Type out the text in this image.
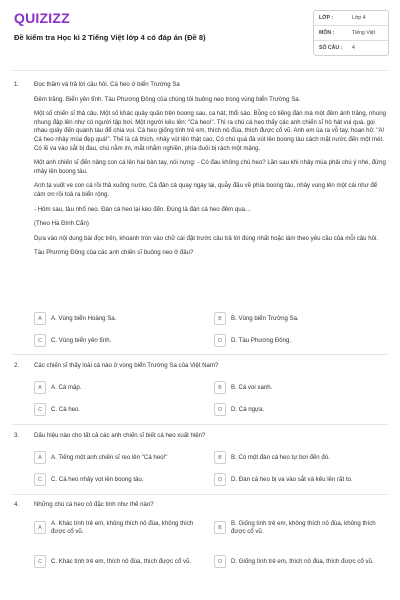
QUIZIZZ
Đề kiểm tra Học kì 2 Tiếng Việt lớp 4 có đáp án (Đề 8)
LỚP :	Lớp 4
MÔN :	Tiếng Việt
SỐ CÂU :	4
1. Đọc thầm và trả lời câu hỏi. Cá heo ở biển Trường Sa
Đêm trăng. Biển yên tĩnh. Tàu Phương Đông của chúng tôi buông neo trong vùng biển Trường Sa.
Một số chiến sĩ thả câu. Một số khác quây quần trên boong sau, ca hát, thổi sáo. Bỗng có tiếng đàn mà một đêm ánh trăng, nhung nhung đập lên như có người tập bơi. Một người kêu lên: "Cá heo!". Thì ra chú cá heo thấy các anh chiến sĩ hò hát vui quá, gọi nhau quây đến quanh tàu để chia vui. Cá heo giống tính trẻ em, thích nô đùa, thích được cổ vũ. Anh em ùa ra vỗ tay, hoan hô: "A! Cá heo nhảy múa đẹp quá!". Thế là cả thích, nhảy vút lên thật cao. Có chú quá đà vút lên boong tàu cách mặt nước đến một mét. Có lẽ va vào sắt bị đau, chú nằm im, mắt nhắm nghiền, phía đuôi bị rách một mảng.
Một anh chiến sĩ đến nâng con cá lên hai bàn tay, nói nựng: - Có đau không chú heo? Lần sau khi nhảy múa phải chú ý nhé, đừng nhảy lên boong tàu.
Anh ta vuốt ve con cá rồi thả xuống nước. Cá đàn cá quay ngay lại, quẫy đầu về phía boong tàu, nhảy vung lên một cái như để cảm ơn rồi toả ra biển rộng.
- Hôm sau, tàu nhổ neo. Đàn cá heo lại kéo đến. Đúng là đàn cá heo đêm qua…
(Theo Hà Đình Cẩn)
Dựa vào nội dung bài đọc trên, khoanh tròn vào chữ cái đặt trước câu trả lời đúng nhất hoặc làm theo yêu cầu của mỗi câu hỏi.
Tàu Phương Đông của các anh chiến sĩ buông neo ở đâu?
A	A. Vùng biển Hoàng Sa.	B	B. Vùng biển Trường Sa.
C	C. Vùng biển yên tĩnh.	D	D. Tàu Phương Đông.
2. Các chiến sĩ thấy loài cá nào ở vùng biển Trường Sa của Việt Nam?
A	A. Cá mập.	B	B. Cá voi xanh.
C	C. Cá heo.	D	D. Cá ngựa.
3. Dấu hiệu nào cho tất cả các anh chiến sĩ biết cá heo xuất hiện?
A	A. Tiếng một anh chiến sĩ reo lên "Cá heo!"	B	B. Có một đàn cá heo tự bơi đến đó.
C	C. Cá heo nhảy vọt lên boong tàu.	D	D. Đàn cá heo bị va vào sắt và kêu lên rất to.
4. Những chú cá heo có đặc tính như thế nào?
A
A. Khác tính trẻ em, không thích nô đùa, không thích được cổ vũ.	B
B. Giống tính trẻ em, không thích nô đùa, không thích được cổ vũ.
C	C. Khác tính trẻ em, thích nô đùa, thích được cổ vũ.	D	D. Giống tính trẻ em, thích nô đùa, thích được cổ vũ.
